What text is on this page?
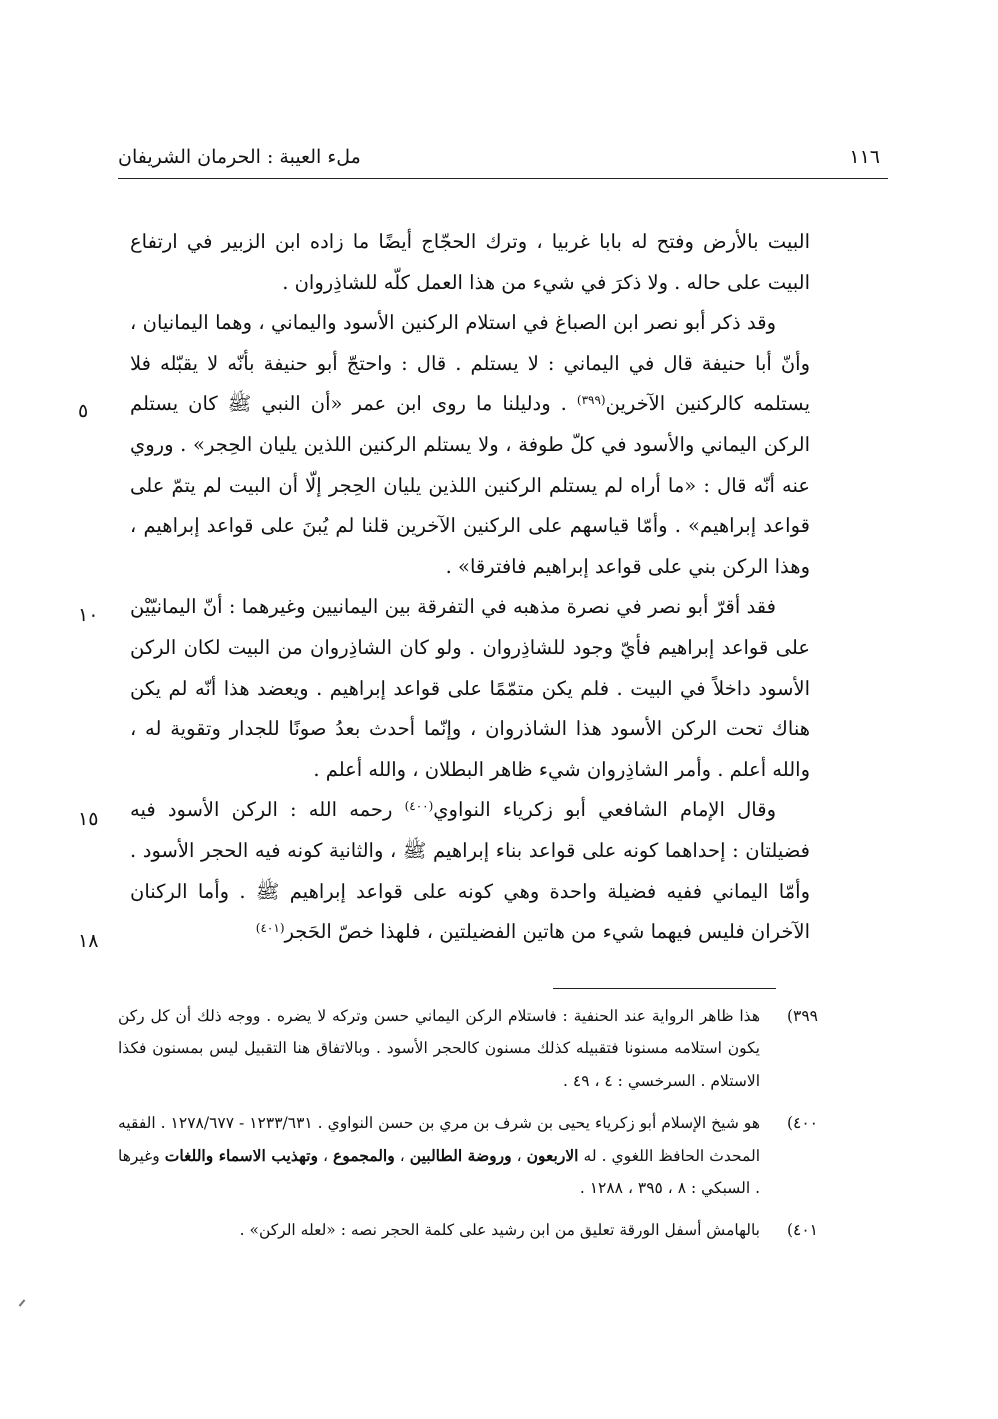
١١٦
ملء العيبة : الحرمان الشريفان

البيت بالأرض وفتح له بابا غربيا ، وترك الحجّاج أيضًا ما زاده ابن الزبير في ارتفاع البيت على حاله . ولا ذكرَ في شيء من هذا العمل كلّه للشاذِروان .

وقد ذكر أبو نصر ابن الصباغ في استلام الركنين الأسود واليماني ، وهما اليمانيان ، وأنّ أبا حنيفة قال في اليماني : لا يستلم . قال : واحتجّ أبو حنيفة بأنّه لا يقبّله فلا يستلمه كالركنين الآخرين$^{(٣٩٩)}$ . ودليلنا ما روى ابن عمر «أن النبي ﷺ كان يستلم الركن اليماني والأسود في كلّ طوفة ، ولا يستلم الركنين اللذين يليان الحِجر» . وروي عنه أنّه قال : «ما أراه لم يستلم الركنين اللذين يليان الحِجر إلّا أن البيت لم يتمّ على قواعد إبراهيم» . وأمّا قياسهم على الركنين الآخرين قلنا لم يُبنَ على قواعد إبراهيم ، وهذا الركن بني على قواعد إبراهيم فافترقا» .

فقد أقرّ أبو نصر في نصرة مذهبه في التفرقة بين اليمانيين وغيرهما : أنّ اليمانيّيْن على قواعد إبراهيم فأيّ وجود للشاذِروان . ولو كان الشاذِروان من البيت لكان الركن الأسود داخلاً في البيت . فلم يكن متمّمًا على قواعد إبراهيم . ويعضد هذا أنّه لم يكن هناك تحت الركن الأسود هذا الشاذروان ، وإنّما أحدث بعدُ صونًا للجدار وتقوية له ، والله أعلم . وأمر الشاذِروان شيء ظاهر البطلان ، والله أعلم .

وقال الإمام الشافعي أبو زكرياء النواوي$^{(٤٠٠)}$ رحمه الله : الركن الأسود فيه فضيلتان : إحداهما كونه على قواعد بناء إبراهيم ﷺ ، والثانية كونه فيه الحجر الأسود . وأمّا اليماني ففيه فضيلة واحدة وهي كونه على قواعد إبراهيم ﷺ . وأما الركنان الآخران فليس فيهما شيء من هاتين الفضيلتين ، فلهذا خصّ الحَجر$^{(٤٠١)}$

٥
١٠
١٥
١٨
٣٩٩)
هذا ظاهر الرواية عند الحنفية : فاستلام الركن اليماني حسن وتركه لا يضره . ووجه ذلك أن كل ركن يكون استلامه مسنونا فتقبيله كذلك مسنون كالحجر الأسود . وبالاتفاق هنا التقبيل ليس بمسنون فكذا الاستلام . السرخسي : ٤ ، ٤٩ .
٤٠٠)
هو شيخ الإسلام أبو زكرياء يحيى بن شرف بن مري بن حسن النواوي . ١٢٣٣/٦٣١ - ١٢٧٨/٦٧٧ . الفقيه المحدث الحافظ اللغوي . له الاربعون ، وروضة الطالبين ، والمجموع ، وتهذيب الاسماء واللغات وغيرها . السبكي : ٨ ، ٣٩٥ ، ١٢٨٨ .
٤٠١)
بالهامش أسفل الورقة تعليق من ابن رشيد على كلمة الحجر نصه : «لعله الركن» .
